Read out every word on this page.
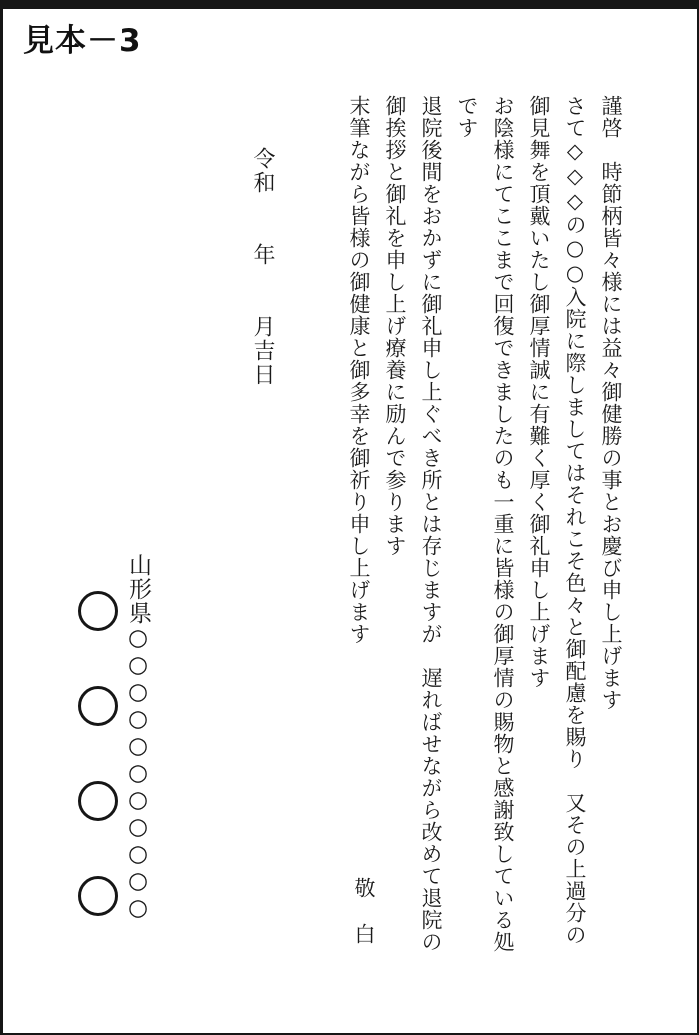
見本－3

謹啓　時節柄皆々様には益々御健勝の事とお慶び申し上げます

さて◇◇◇の○○入院に際しましてはそれこそ色々と御配慮を賜り　又その上過分の

御見舞を頂戴いたし御厚情誠に有難く厚く御礼申し上げます

お陰様にてここまで回復できましたのも一重に皆様の御厚情の賜物と感謝致している処

です

退院後間をおかずに御礼申し上ぐべき所とは存じますが　遅ればせながら改めて退院の

御挨拶と御礼を申し上げ療養に励んで参ります

末筆ながら皆様の御健康と御多幸を御祈り申し上げます

敬　白
令和　　年　　月吉日
山形県○○○○○○○○○○○
